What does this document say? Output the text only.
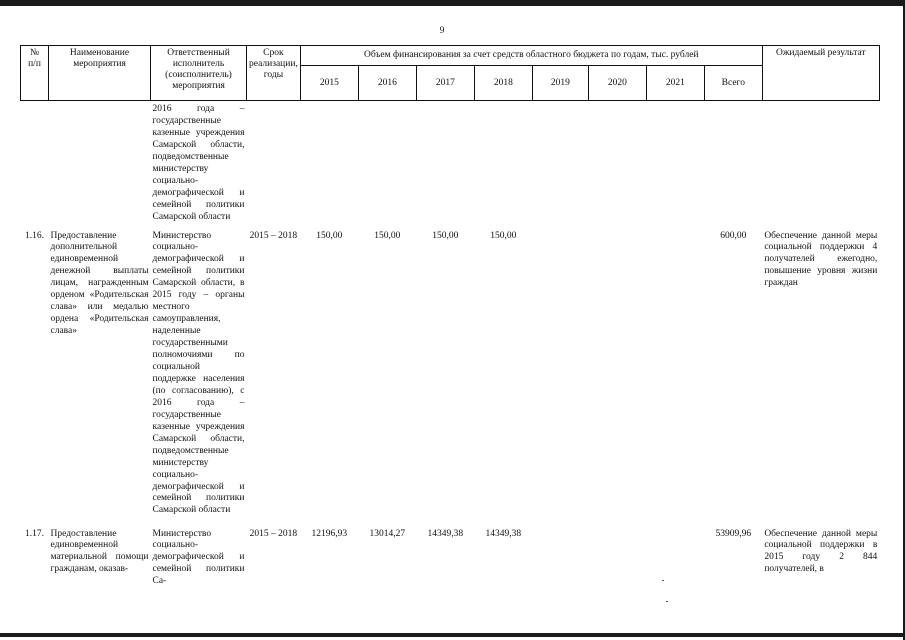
9
№
п/п	Наименование мероприятия	Ответственный исполнитель (соисполнитель) мероприятия	Срок реализации, годы	Объем финансирования за счет средств областного бюджета по годам, тыс. рублей								Ожидаемый результат
				2015	2016	2017	2018	2019	2020	2021	Всего	
		2016 года – государственные казенные учреждения Самарской области, подведомственные министерству социально-демографической и семейной политики Самарской области										
1.16.	Предоставление дополнительной единовременной денежной выплаты лицам, награжденным орденом «Родительская слава» или медалью ордена «Родительская слава»	Министерство социально-демографической и семейной политики Самарской области, в 2015 году – органы местного самоуправления, наделенные государственными полномочиями по социальной поддержке населения (по согласованию), с 2016 года – государственные казенные учреждения Самарской области, подведомственные министерству социально-демографической и семейной политики Самарской области	2015 – 2018	150,00	150,00	150,00	150,00				600,00	Обеспечение данной меры социальной поддержки 4 получателей ежегодно, повышение уровня жизни граждан
1.17.	Предоставление единовременной материальной помощи гражданам, оказав-	Министерство социально-демографической и семейной политики Са-	2015 – 2018	12196,93	13014,27	14349,38	14349,38				53909,96	Обеспечение данной меры социальной поддержки в 2015 году 2 844 получателей, в
